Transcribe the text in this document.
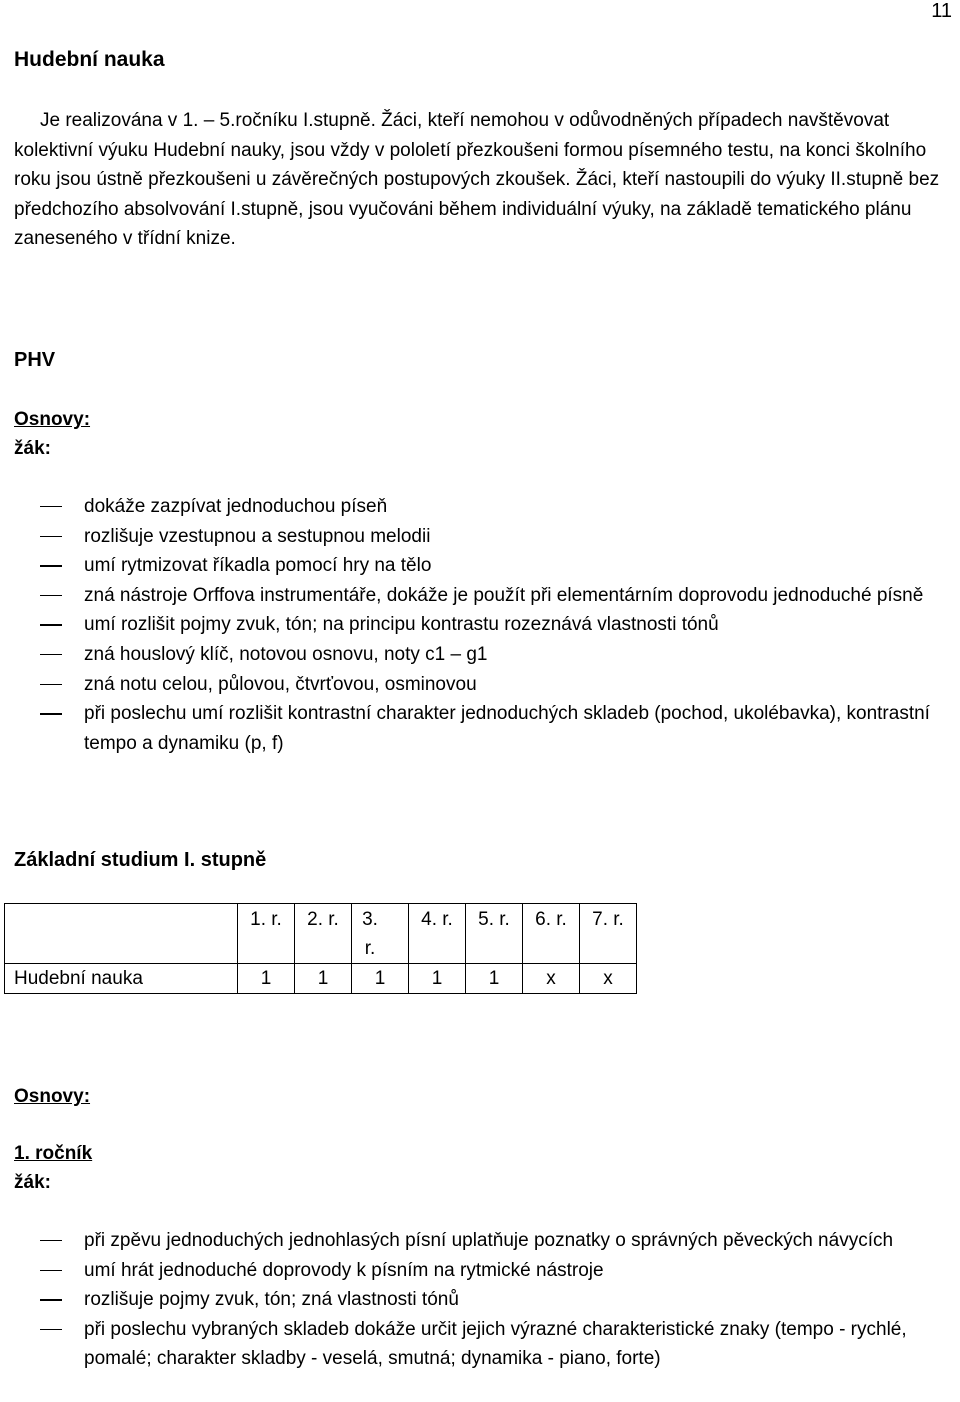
11
Hudební nauka

Je realizována v 1. – 5.ročníku I.stupně. Žáci, kteří nemohou v odůvodněných případech navštěvovat kolektivní výuku Hudební nauky, jsou vždy v pololetí přezkoušeni formou písemného testu, na konci školního roku jsou ústně přezkoušeni u závěrečných postupových zkoušek. Žáci, kteří nastoupili do výuky II.stupně bez předchozího absolvování I.stupně, jsou vyučováni během individuální výuky, na základě tematického plánu zaneseného v třídní knize.

PHV
Osnovy:
žák:
dokáže zazpívat jednoduchou píseň
rozlišuje vzestupnou a sestupnou melodii
umí rytmizovat říkadla pomocí hry na tělo
zná nástroje Orffova instrumentáře, dokáže je použít při elementárním doprovodu jednoduché písně
umí rozlišit pojmy zvuk, tón; na principu kontrastu rozeznává vlastnosti tónů
zná houslový klíč, notovou osnovu, noty c1 – g1
zná notu celou, půlovou, čtvrťovou, osminovou
při poslechu umí rozlišit kontrastní charakter jednoduchých skladeb (pochod, ukolébavka), kontrastní tempo a dynamiku (p, f)
Základní studium I. stupně
	1. r.	2. r.	3. r.	4. r.	5. r.	6. r.	7. r.
Hudební nauka	1	1	1	1	1	x	x
Osnovy:
1. ročník
žák:
při zpěvu jednoduchých jednohlasých písní uplatňuje poznatky o správných pěveckých návycích
umí hrát jednoduché doprovody k písním na rytmické nástroje
rozlišuje pojmy zvuk, tón; zná vlastnosti tónů
při poslechu vybraných skladeb dokáže určit jejich výrazné charakteristické znaky (tempo - rychlé, pomalé; charakter skladby - veselá, smutná; dynamika - piano, forte)
